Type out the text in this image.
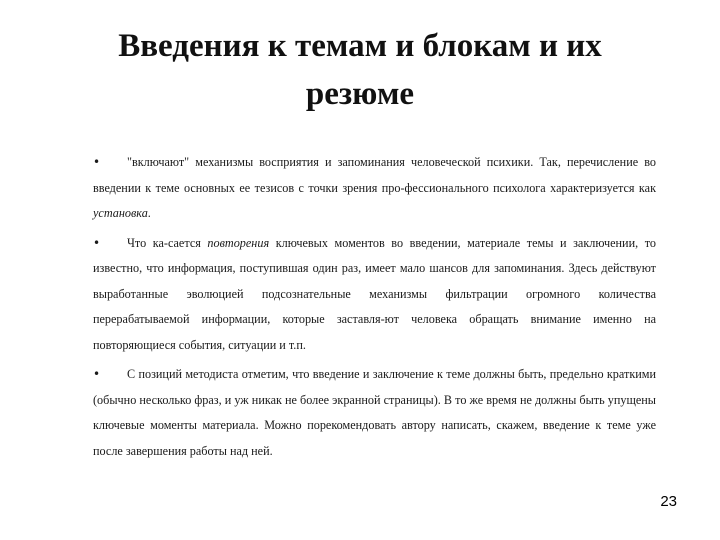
Введения к темам и блокам и их
резюме

• "включают" механизмы восприятия и запоминания человеческой психики. Так, перечисление во введении к теме основных ее тезисов с точки зрения про-фессионального психолога характеризуется как установка.

• Что ка-сается повторения ключевых моментов во введении, материале темы и заключении, то известно, что информация, поступившая один раз, имеет мало шансов для запоминания. Здесь действуют выработанные эволюцией подсознательные механизмы фильтрации огромного количества перерабатываемой информации, которые заставля-ют человека обращать внимание именно на повторяющиеся события, ситуации и т.п.

• С позиций методиста отметим, что введение и заключение к теме должны быть, предельно краткими (обычно несколько фраз, и уж никак не более экранной страницы). В то же время не должны быть упущены ключевые моменты материала. Можно порекомендовать автору написать, скажем, введение к теме уже после завершения работы над ней.

23
